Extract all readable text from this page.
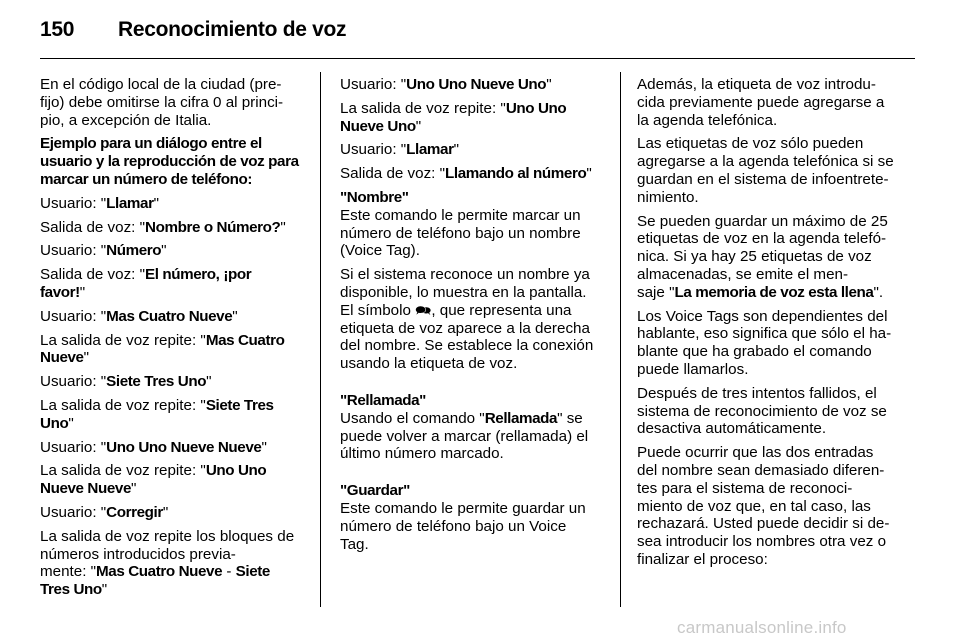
150 Reconocimiento de voz
En el código local de la ciudad (pre-
fijo) debe omitirse la cifra 0 al princi-
pio, a excepción de Italia.
Ejemplo para un diálogo entre el
usuario y la reproducción de voz para
marcar un número de teléfono:
Usuario: "Llamar"
Salida de voz: "Nombre o Número?"
Usuario: "Número"
Salida de voz: "El número, ¡por
favor!"
Usuario: "Mas Cuatro Nueve"
La salida de voz repite: "Mas Cuatro
Nueve"
Usuario: "Siete Tres Uno"
La salida de voz repite: "Siete Tres
Uno"
Usuario: "Uno Uno Nueve Nueve"
La salida de voz repite: "Uno Uno
Nueve Nueve"
Usuario: "Corregir"
La salida de voz repite los bloques de
números introducidos previa-
mente: "Mas Cuatro Nueve - Siete
Tres Uno"
Usuario: "Uno Uno Nueve Uno"
La salida de voz repite: "Uno Uno
Nueve Uno"
Usuario: "Llamar"
Salida de voz: "Llamando al número"
"Nombre"
Este comando le permite marcar un
número de teléfono bajo un nombre
(Voice Tag).
Si el sistema reconoce un nombre ya
disponible, lo muestra en la pantalla.
El símbolo 🗪, que representa una
etiqueta de voz aparece a la derecha
del nombre. Se establece la conexión
usando la etiqueta de voz.
"Rellamada"
Usando el comando "Rellamada" se
puede volver a marcar (rellamada) el
último número marcado.
"Guardar"
Este comando le permite guardar un
número de teléfono bajo un Voice
Tag.
Además, la etiqueta de voz introdu-
cida previamente puede agregarse a
la agenda telefónica.
Las etiquetas de voz sólo pueden
agregarse a la agenda telefónica si se
guardan en el sistema de infoentrete-
nimiento.
Se pueden guardar un máximo de 25
etiquetas de voz en la agenda telefó-
nica. Si ya hay 25 etiquetas de voz
almacenadas, se emite el men-
saje "La memoria de voz esta llena".
Los Voice Tags son dependientes del
hablante, eso significa que sólo el ha-
blante que ha grabado el comando
puede llamarlos.
Después de tres intentos fallidos, el
sistema de reconocimiento de voz se
desactiva automáticamente.
Puede ocurrir que las dos entradas
del nombre sean demasiado diferen-
tes para el sistema de reconoci-
miento de voz que, en tal caso, las
rechazará. Usted puede decidir si de-
sea introducir los nombres otra vez o
finalizar el proceso:
carmanualsonline.info
